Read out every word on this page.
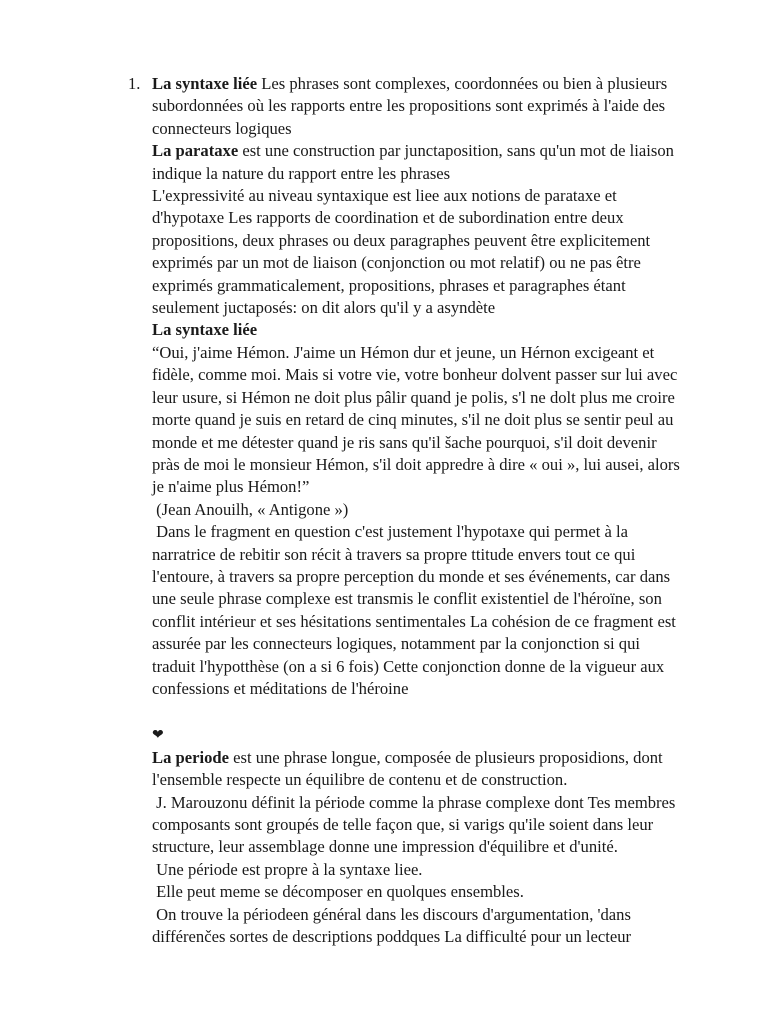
1. La syntaxe liée Les phrases sont complexes, coordonnées ou bien à plusieurs
subordonnées où les rapports entre les propositions sont exprimés à l'aide des
connecteurs logiques
La parataxe est une construction par junctaposition, sans qu'un mot de liaison
indique la nature du rapport entre les phrases
L'expressivité au niveau syntaxique est liee aux notions de parataxe et
d'hypotaxe Les rapports de coordination et de subordination entre deux
propositions, deux phrases ou deux paragraphes peuvent être explicitement
exprimés par un mot de liaison (conjonction ou mot relatif) ou ne pas être
exprimés grammaticalement, propositions, phrases et paragraphes étant
seulement juctaposés: on dit alors qu'il y a asyndète
La syntaxe liée
“Oui, j'aime Hémon. J'aime un Hémon dur et jeune, un Hérnon excigeant et
fidèle, comme moi. Mais si votre vie, votre bonheur dolvent passer sur lui avec
leur usure, si Hémon ne doit plus pâlir quand je polis, s'l ne dolt plus me croire
morte quand je suis en retard de cinq minutes, s'il ne doit plus se sentir peul au
monde et me détester quand je ris sans qu'il šache pourquoi, s'il doit devenir
pràs de moi le monsieur Hémon, s'il doit appredre à dire « oui », lui ausei, alors
je n'aime plus Hémon!”
(Jean Anouilh, « Antigone »)
Dans le fragment en question c'est justement l'hypotaxe qui permet à la
narratrice de rebitir son récit à travers sa propre ttitude envers tout ce qui
l'entoure, à travers sa propre perception du monde et ses événements, car dans
une seule phrase complexe est transmis le conflit existentiel de l'héroïne, son
conflit intérieur et ses hésitations sentimentales La cohésion de ce fragment est
assurée par les connecteurs logiques, notamment par la conjonction si qui
traduit l'hypotthèse (on a si 6 fois) Cette conjonction donne de la vigueur aux
confessions et méditations de l'héroine
❤
La periode est une phrase longue, composée de plusieurs proposidions, dont
l'ensemble respecte un équilibre de contenu et de construction.
J. Marouzonu définit la période comme la phrase complexe dont Tes membres
composants sont groupés de telle façon que, si varigs qu'ile soient dans leur
structure, leur assemblage donne une impression d'équilibre et d'unité.
Une période est propre à la syntaxe liee.
Elle peut meme se décomposer en quolques ensembles.
On trouve la périodeen général dans les discours d'argumentation, 'dans
différenčes sortes de descriptions poddques La difficulté pour un lecteur
